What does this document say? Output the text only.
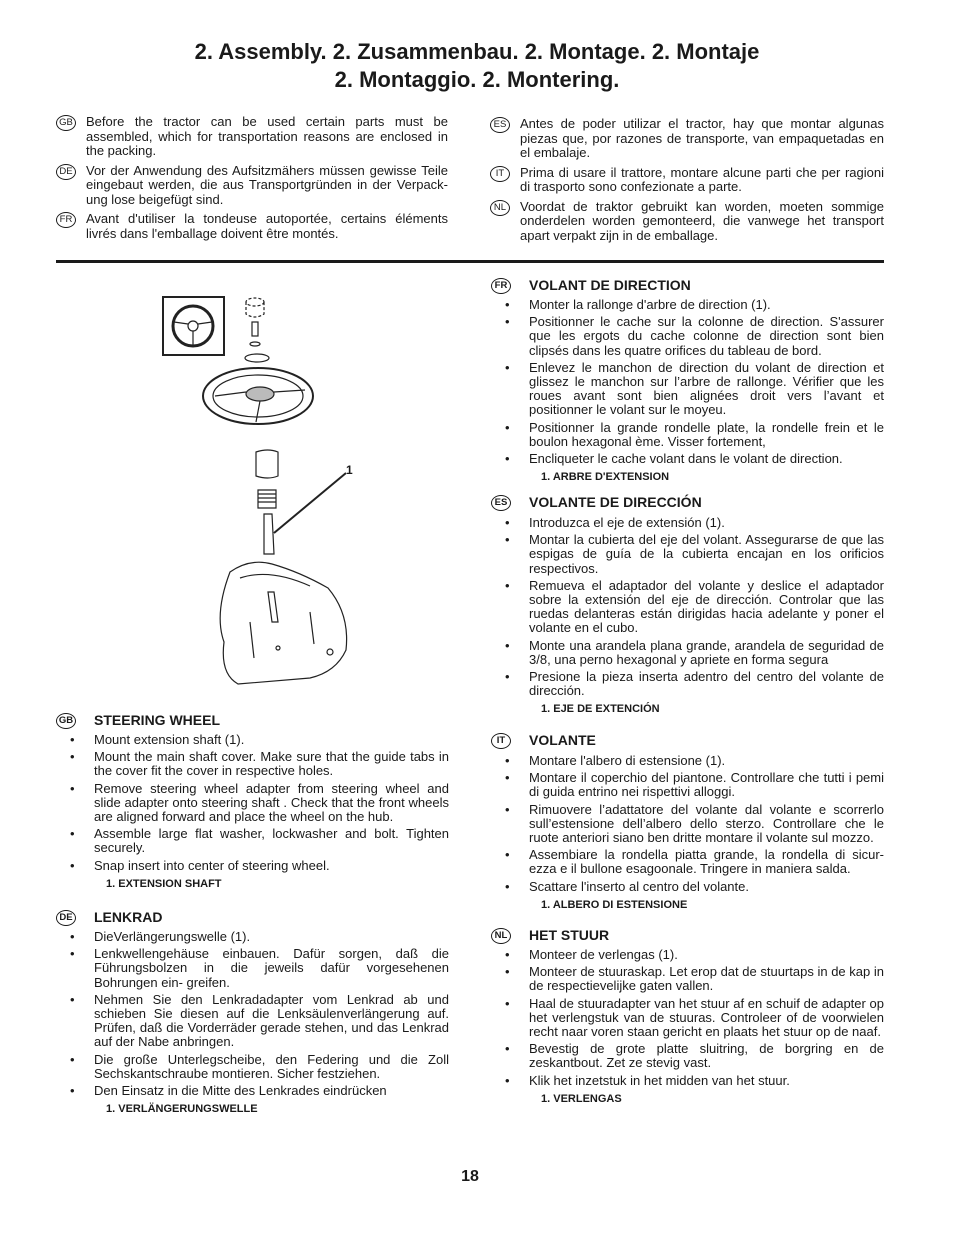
2. Assembly. 2. Zusammenbau. 2. Montage. 2. Montaje
2. Montaggio. 2. Montering.
GB Before the tractor can be used certain parts must be assembled, which for transportation reasons are enclosed in the packing.
DE Vor der Anwendung des Aufsitzmähers müssen gewisse Teile eingebaut werden, die aus Transportgründen in der Verpack-ung lose beigefügt sind.
FR Avant d'utiliser la tondeuse autoportée, certains éléments livrés dans l'emballage doivent être montés.
ES Antes de poder utilizar el tractor, hay que montar algunas piezas que, por razones de transporte, van empaquetadas en el embalaje.
IT	Prima di usare il trattore, montare alcune parti che per ragioni di trasporto sono confezionate a parte.
NL	Voordat de traktor gebruikt kan worden, moeten sommige onderdelen worden gemonteerd, die vanwege het transport apart verpakt zijn in de emballage.
1
GB STEERING WHEEL
• Mount extension shaft (1).
• Mount the main shaft cover. Make sure that the guide tabs in the cover fit the cover in respective holes.
• Remove steering wheel adapter from steering wheel and slide adapter onto steering shaft . Check that the front wheels are aligned forward and place the wheel on the hub.
• Assemble large flat washer, lockwasher and bolt. Tighten securely.
• Snap insert into center of steering wheel.
1. EXTENSION SHAFT
DE LENKRAD
• DieVerlängerungswelle (1).
• Lenkwellengehäuse einbauen. Dafür sorgen, daß die Führungsbolzen in die jeweils dafür vorgesehenen Bohrungen ein- greifen.
• Nehmen Sie den Lenkradadapter vom Lenkrad ab und schieben Sie diesen auf die Lenksäulenverlängerung auf. Prüfen, daß die Vorderräder gerade stehen, und das Lenkrad auf der Nabe anbringen.
• Die große Unterlegscheibe, den Federing und die Zoll Sechskantschraube montieren. Sicher festziehen.
• Den Einsatz in die Mitte des Lenkrades eindrücken
1. VERLÄNGERUNGSWELLE
FR VOLANT DE DIRECTION
• Monter la rallonge d'arbre de direction (1).
• Positionner le cache sur la colonne de direction. S'assurer que les ergots du cache colonne de direction sont bien clipsés dans les quatre orifices du tableau de bord.
• Enlevez le manchon de direction du volant de direction et glissez le manchon sur l’arbre de rallonge. Vérifier que les roues avant sont bien alignées droit vers l’avant et positionner le volant sur le moyeu.
• Positionner la grande rondelle plate, la rondelle frein et le boulon hexagonal ème. Visser fortement,
• Encliqueter le cache volant dans le volant de direction.
1. ARBRE D'EXTENSION
ES VOLANTE DE DIRECCIÓN
• Introduzca el eje de extensión (1).
• Montar la cubierta del eje del volant. Assegurarse de que las espigas de guía de la cubierta encajan en los orificios respectivos.
• Remueva el adaptador del volante y deslice el adaptador sobre la extensión del eje de dirección. Controlar que las ruedas delanteras están dirigidas hacia adelante y poner el volante en el cubo.
• Monte una arandela plana grande, arandela de seguridad de 3/8, una perno hexagonal y apriete en forma segura
• Presione la pieza inserta adentro del centro del volante de dirección.
1. EJE DE EXTENCIÓN
IT	VOLANTE
• Montare l'albero di estensione (1).
• Montare il coperchio del piantone. Controllare che tutti i pemi di guida entrino nei rispettivi alloggi.
• Rimuovere l’adattatore del volante dal volante e scorrerlo sull’estensione dell’albero dello sterzo. Controllare che le ruote anteriori siano ben dritte montare il volante sul mozzo.
• Assembiare la rondella piatta grande, la rondella di sicur- ezza e il bullone esagoonale. Tringere in maniera salda.
• Scattare l'inserto al centro del volante.
1. ALBERO DI ESTENSIONE
NL HET STUUR
• Monteer de verlengas (1).
• Monteer de stuuraskap. Let erop dat de stuurtaps in de kap in de respectievelijke gaten vallen.
• Haal de stuuradapter van het stuur af en schuif de adapter op het verlengstuk van de stuuras. Controleer of de voorwielen recht naar voren staan gericht en plaats het stuur op de naaf.
• Bevestig de grote platte sluitring, de borgring en de zeskantbout. Zet ze stevig vast.
• Klik het inzetstuk in het midden van het stuur.
1. VERLENGAS
18
